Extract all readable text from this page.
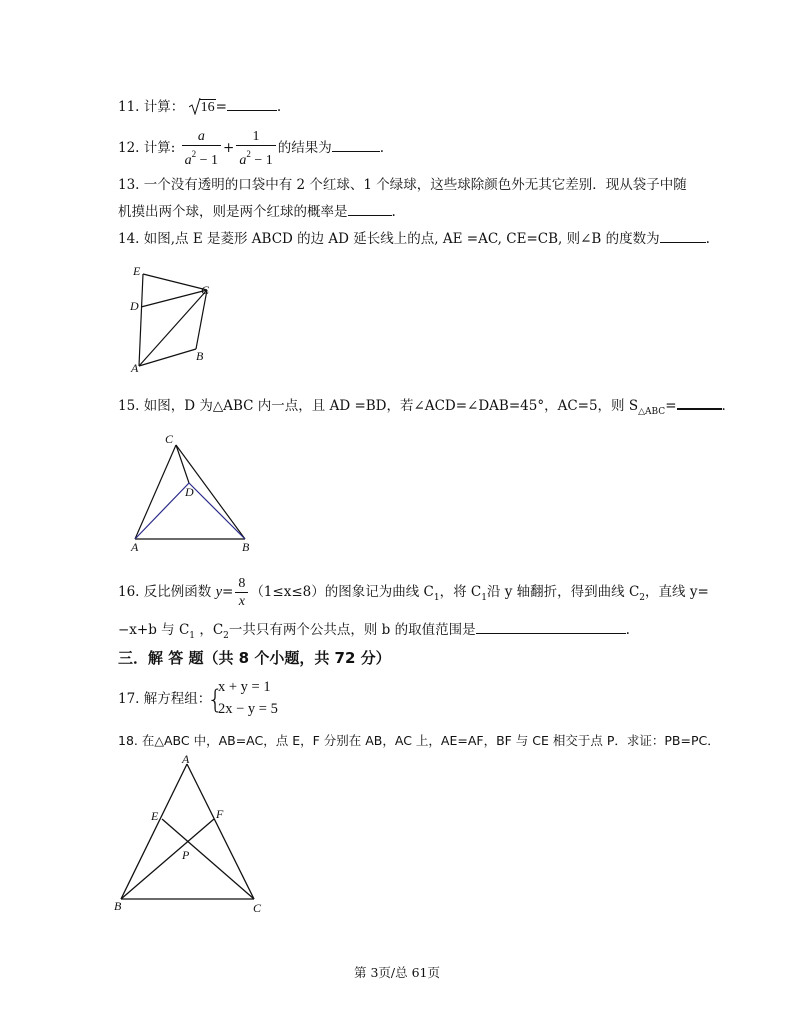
11. 计算： 16=	.
12. 计算: $\frac{a}{a^2 - 1} + \frac{1}{a^2 - 1}$ 的结果为	.
13. 一个没有透明的口袋中有 2 个红球、1 个绿球，这些球除颜色外无其它差别．现从袋子中随
机摸出两个球，则是两个红球的概率是	.
14. 如图,点 E 是菱形 ABCD 的边 AD 延长线上的点, AE =AC, CE=CB, 则∠B 的度数为	.
E
D
C
A
B
15. 如图，D 为△ABC 内一点，且 AD =BD，若∠ACD=∠DAB=45°，AC=5，则 $S_{\triangle ABC}=$	.
C
D
A	B
16. 反比例函数 $y= \frac{8}{x} (1\le x\le 8)$的图象记为曲线 $C_1$，将 $C_1$沿 y 轴翻折，得到曲线 $C_2$，直线 y=
−x+b 与 $C_1$ ，$C_2$一共只有两个公共点，则 b 的取值范围是	.
三．解 答 题（共 8 个小题，共 72 分）
17. 解方程组：
{
x + y = 1
2x − y = 5
18. 在△ABC 中，AB=AC，点 E，F 分别在 AB，AC 上，AE=AF，BF 与 CE 相交于点 P．求证：PB=PC．
A
E	F
P
B	C
第 3页/总 61页
